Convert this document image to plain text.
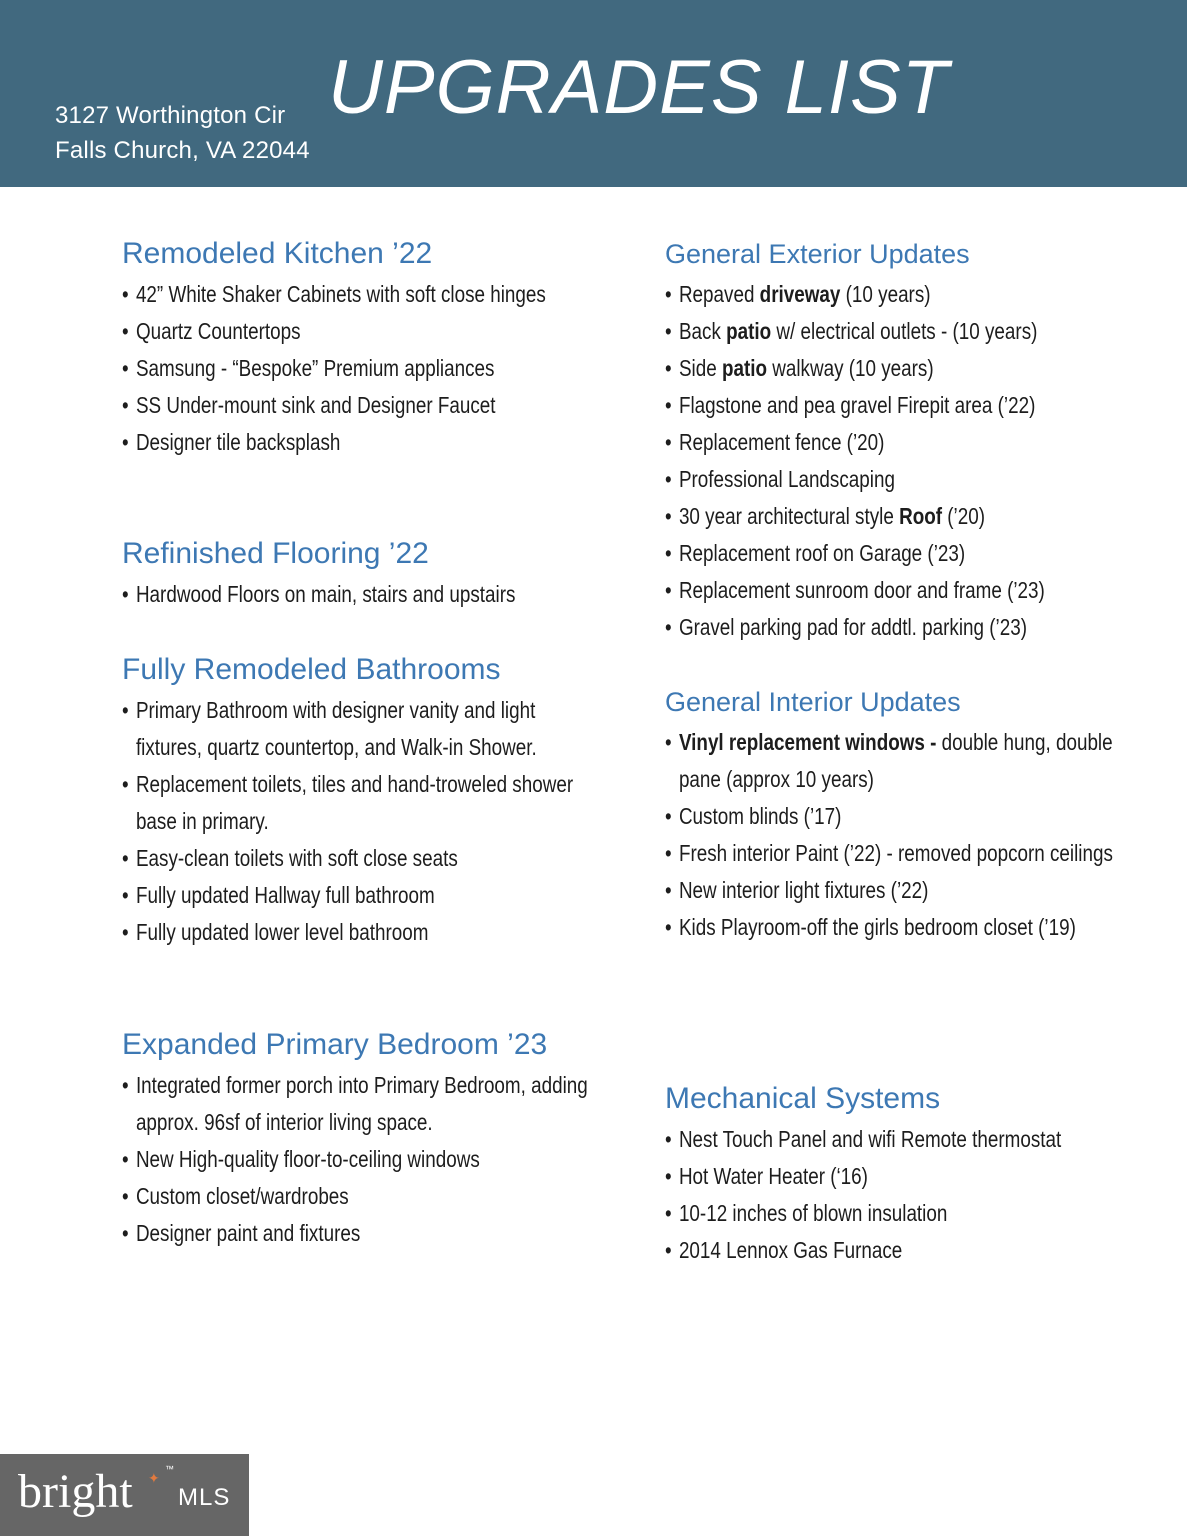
3127 Worthington Cir
Falls Church, VA 22044
UPGRADES LIST
Remodeled Kitchen ’22
• 42” White Shaker Cabinets with soft close hinges
• Quartz Countertops
• Samsung - “Bespoke” Premium appliances
• SS Under-mount sink and Designer Faucet
• Designer tile backsplash
Refinished Flooring ’22
• Hardwood Floors on main, stairs and upstairs
Fully Remodeled Bathrooms
• Primary Bathroom with designer vanity and light fixtures, quartz countertop, and Walk-in Shower.
• Replacement toilets, tiles and hand-troweled shower base in primary.
• Easy-clean toilets with soft close seats
• Fully updated Hallway full bathroom
• Fully updated lower level bathroom
Expanded Primary Bedroom ’23
• Integrated former porch into Primary Bedroom, adding approx. 96sf of interior living space.
• New High-quality floor-to-ceiling windows
• Custom closet/wardrobes
• Designer paint and fixtures
General Exterior Updates
• Repaved driveway (10 years)
• Back patio w/ electrical outlets - (10 years)
• Side patio walkway (10 years)
• Flagstone and pea gravel Firepit area (’22)
• Replacement fence (’20)
• Professional Landscaping
• 30 year architectural style Roof (’20)
• Replacement roof on Garage (’23)
• Replacement sunroom door and frame (’23)
• Gravel parking pad for addtl. parking (’23)
General Interior Updates
• Vinyl replacement windows - double hung, double pane (approx 10 years)
• Custom blinds (’17)
• Fresh interior Paint (’22) - removed popcorn ceilings
• New interior light fixtures (’22)
• Kids Playroom-off the girls bedroom closet (’19)
Mechanical Systems
• Nest Touch Panel and wifi Remote thermostat
• Hot Water Heater (‘16)
• 10-12 inches of blown insulation
• 2014 Lennox Gas Furnace
bright ✦
™
MLS
